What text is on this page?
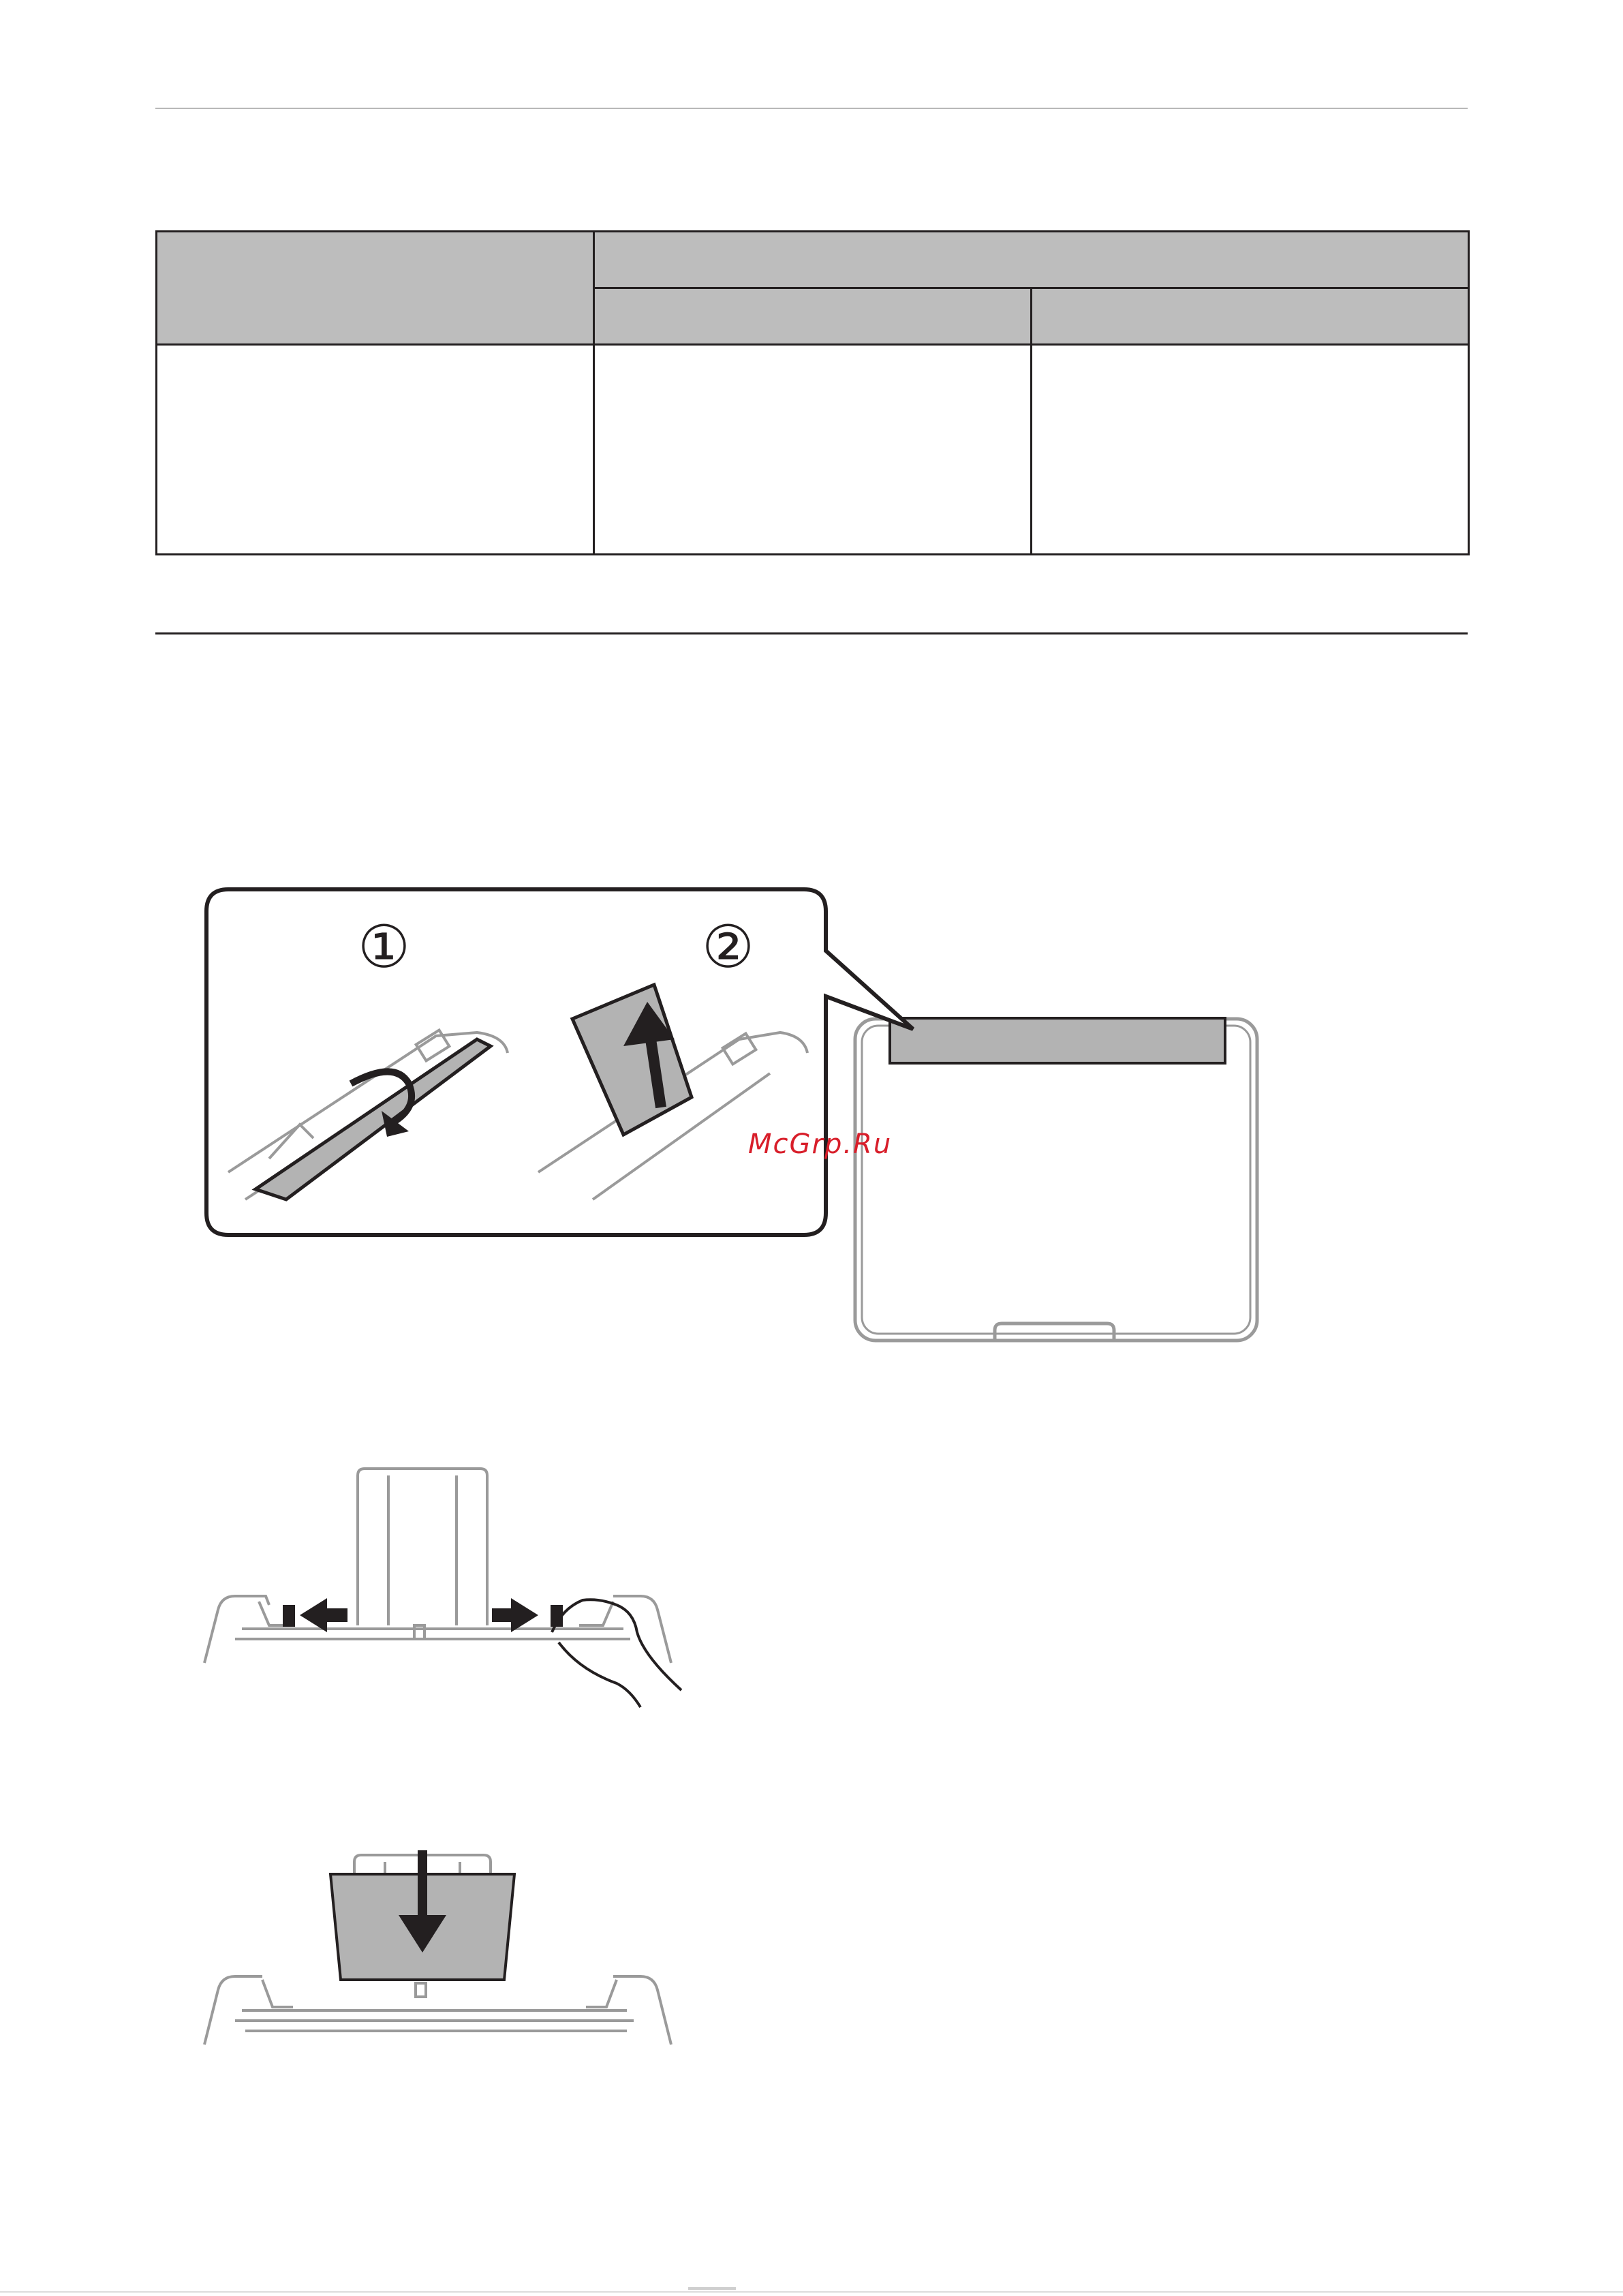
①	②
McGrp.Ru
